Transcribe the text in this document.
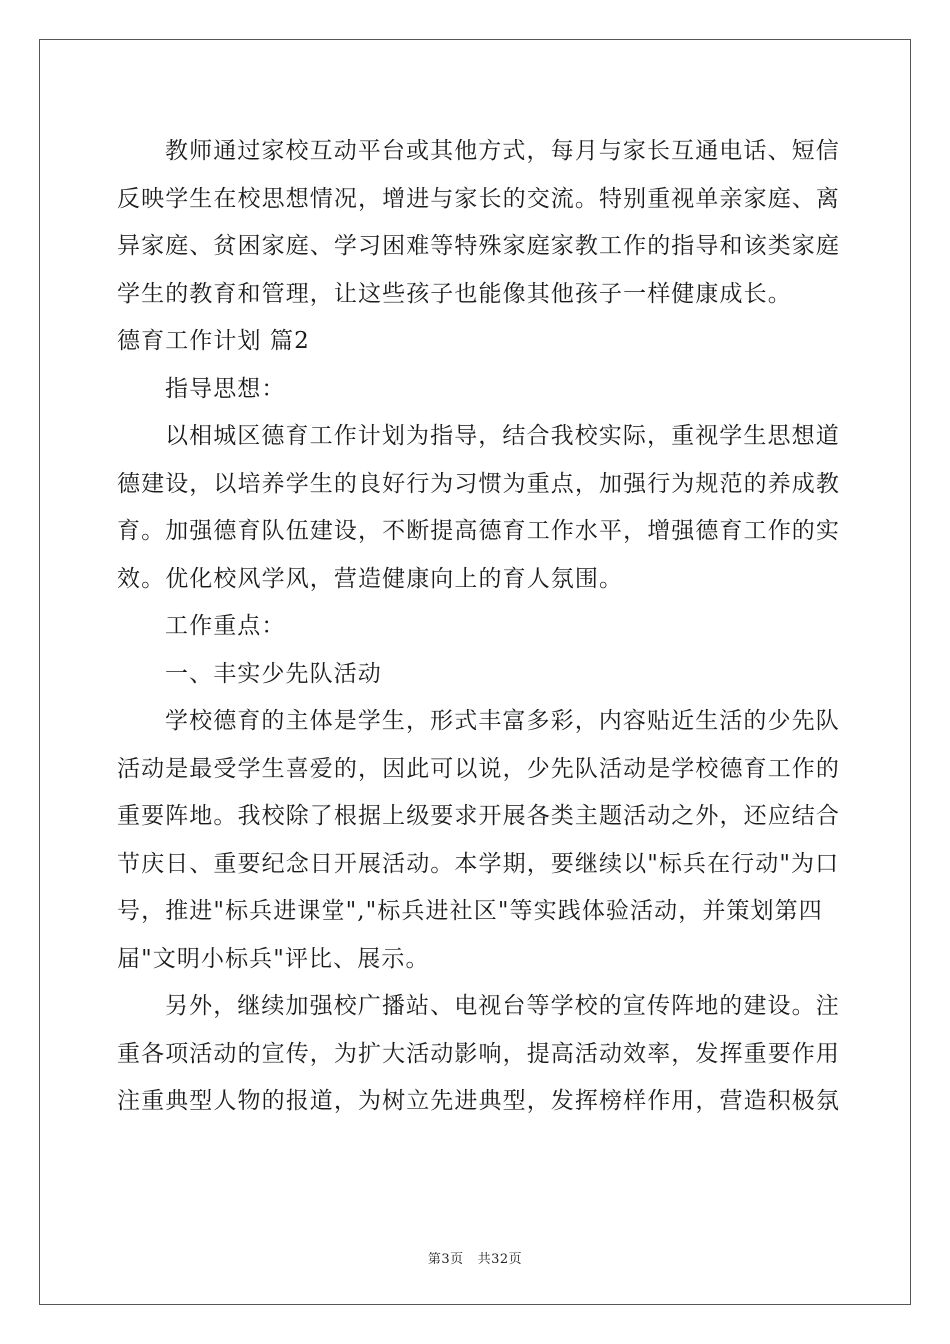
教师通过家校互动平台或其他方式，每月与家长互通电话、短信
反映学生在校思想情况，增进与家长的交流。特别重视单亲家庭、离
异家庭、贫困家庭、学习困难等特殊家庭家教工作的指导和该类家庭
学生的教育和管理，让这些孩子也能像其他孩子一样健康成长。
德育工作计划 篇2
指导思想：
以相城区德育工作计划为指导，结合我校实际，重视学生思想道
德建设，以培养学生的良好行为习惯为重点，加强行为规范的养成教
育。加强德育队伍建设，不断提高德育工作水平，增强德育工作的实
效。优化校风学风，营造健康向上的育人氛围。
工作重点：
一、丰实少先队活动
学校德育的主体是学生，形式丰富多彩，内容贴近生活的少先队
活动是最受学生喜爱的，因此可以说，少先队活动是学校德育工作的
重要阵地。我校除了根据上级要求开展各类主题活动之外，还应结合
节庆日、重要纪念日开展活动。本学期，要继续以"标兵在行动"为口
号，推进"标兵进课堂","标兵进社区"等实践体验活动，并策划第四
届"文明小标兵"评比、展示。
另外，继续加强校广播站、电视台等学校的宣传阵地的建设。注
重各项活动的宣传，为扩大活动影响，提高活动效率，发挥重要作用
注重典型人物的报道，为树立先进典型，发挥榜样作用，营造积极氛
第3页 共32页
